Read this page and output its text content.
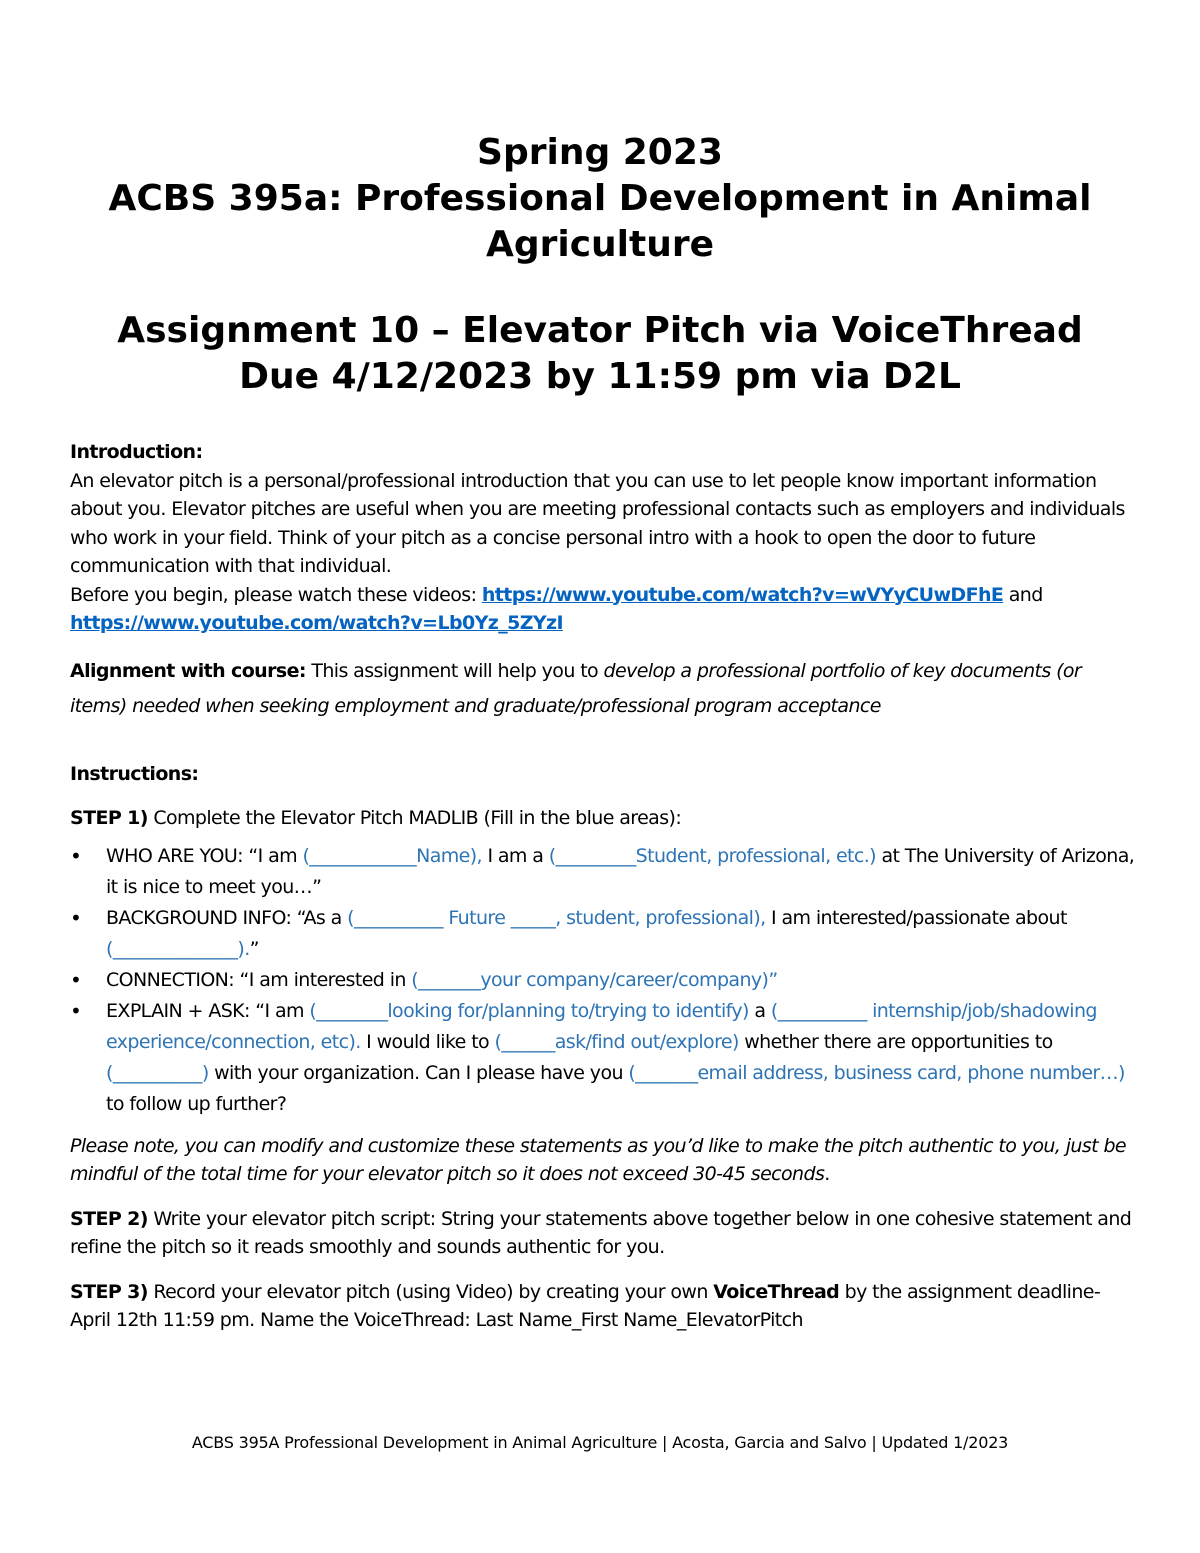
Spring 2023
ACBS 395a: Professional Development in Animal
Agriculture
Assignment 10 – Elevator Pitch via VoiceThread
Due 4/12/2023 by 11:59 pm via D2L

Introduction:

An elevator pitch is a personal/professional introduction that you can use to let people know important information about you. Elevator pitches are useful when you are meeting professional contacts such as employers and individuals who work in your field. Think of your pitch as a concise personal intro with a hook to open the door to future communication with that individual.

Before you begin, please watch these videos: https://www.youtube.com/watch?v=wVYyCUwDFhE and https://www.youtube.com/watch?v=Lb0Yz_5ZYzI

Alignment with course: This assignment will help you to develop a professional portfolio of key documents (or items) needed when seeking employment and graduate/professional program acceptance

Instructions:

STEP 1) Complete the Elevator Pitch MADLIB (Fill in the blue areas):

•	WHO ARE YOU: “I am (____________Name), I am a (_________Student, professional, etc.) at The University of Arizona, it is nice to meet you…”
•	BACKGROUND INFO: “As a (__________ Future _____, student, professional), I am interested/passionate about (______________).”
•	CONNECTION: “I am interested in (_______your company/career/company)”
•	EXPLAIN + ASK: “I am (________looking for/planning to/trying to identify) a (__________ internship/job/shadowing experience/connection, etc). I would like to (______ask/find out/explore) whether there are opportunities to (__________) with your organization. Can I please have you (_______email address, business card, phone number…) to follow up further?

Please note, you can modify and customize these statements as you’d like to make the pitch authentic to you, just be mindful of the total time for your elevator pitch so it does not exceed 30-45 seconds.

STEP 2) Write your elevator pitch script: String your statements above together below in one cohesive statement and refine the pitch so it reads smoothly and sounds authentic for you.

STEP 3) Record your elevator pitch (using Video) by creating your own VoiceThread by the assignment deadline- April 12th 11:59 pm. Name the VoiceThread: Last Name_First Name_ElevatorPitch

ACBS 395A Professional Development in Animal Agriculture | Acosta, Garcia and Salvo | Updated 1/2023
